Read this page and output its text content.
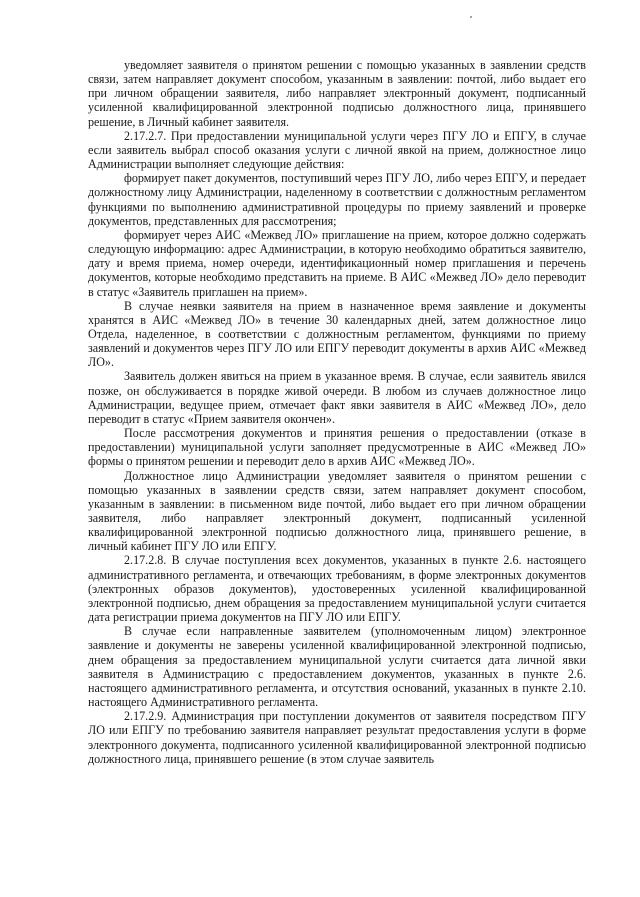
уведомляет заявителя о принятом решении с помощью указанных в заявлении средств связи, затем направляет документ способом, указанным в заявлении: почтой, либо выдает его при личном обращении заявителя, либо направляет электронный документ, подписанный усиленной квалифицированной электронной подписью должностного лица, принявшего решение, в Личный кабинет заявителя.

2.17.2.7. При предоставлении муниципальной услуги через ПГУ ЛО и ЕПГУ, в случае если заявитель выбрал способ оказания услуги с личной явкой на прием, должностное лицо Администрации выполняет следующие действия:

формирует пакет документов, поступивший через ПГУ ЛО, либо через ЕПГУ, и передает должностному лицу Администрации, наделенному в соответствии с должностным регламентом функциями по выполнению административной процедуры по приему заявлений и проверке документов, представленных для рассмотрения;

формирует через АИС «Межвед ЛО» приглашение на прием, которое должно содержать следующую информацию: адрес Администрации, в которую необходимо обратиться заявителю, дату и время приема, номер очереди, идентификационный номер приглашения и перечень документов, которые необходимо представить на приеме. В АИС «Межвед ЛО» дело переводит в статус «Заявитель приглашен на прием».

В случае неявки заявителя на прием в назначенное время заявление и документы хранятся в АИС «Межвед ЛО» в течение 30 календарных дней, затем должностное лицо Отдела, наделенное, в соответствии с должностным регламентом, функциями по приему заявлений и документов через ПГУ ЛО или ЕПГУ переводит документы в архив АИС «Межвед ЛО».

Заявитель должен явиться на прием в указанное время. В случае, если заявитель явился позже, он обслуживается в порядке живой очереди. В любом из случаев должностное лицо Администрации, ведущее прием, отмечает факт явки заявителя в АИС «Межвед ЛО», дело переводит в статус «Прием заявителя окончен».

После рассмотрения документов и принятия решения о предоставлении (отказе в предоставлении) муниципальной услуги заполняет предусмотренные в АИС «Межвед ЛО» формы о принятом решении и переводит дело в архив АИС «Межвед ЛО».

Должностное лицо Администрации уведомляет заявителя о принятом решении с помощью указанных в заявлении средств связи, затем направляет документ способом, указанным в заявлении: в письменном виде почтой, либо выдает его при личном обращении заявителя, либо направляет электронный документ, подписанный усиленной квалифицированной электронной подписью должностного лица, принявшего решение, в личный кабинет ПГУ ЛО или ЕПГУ.

2.17.2.8. В случае поступления всех документов, указанных в пункте 2.6. настоящего административного регламента, и отвечающих требованиям, в форме электронных документов (электронных образов документов), удостоверенных усиленной квалифицированной электронной подписью, днем обращения за предоставлением муниципальной услуги считается дата регистрации приема документов на ПГУ ЛО или ЕПГУ.

В случае если направленные заявителем (уполномоченным лицом) электронное заявление и документы не заверены усиленной квалифицированной электронной подписью, днем обращения за предоставлением муниципальной услуги считается дата личной явки заявителя в Администрацию с предоставлением документов, указанных в пункте 2.6. настоящего административного регламента, и отсутствия оснований, указанных в пункте 2.10. настоящего Административного регламента.

2.17.2.9. Администрация при поступлении документов от заявителя посредством ПГУ ЛО или ЕПГУ по требованию заявителя направляет результат предоставления услуги в форме электронного документа, подписанного усиленной квалифицированной электронной подписью должностного лица, принявшего решение (в этом случае заявитель
